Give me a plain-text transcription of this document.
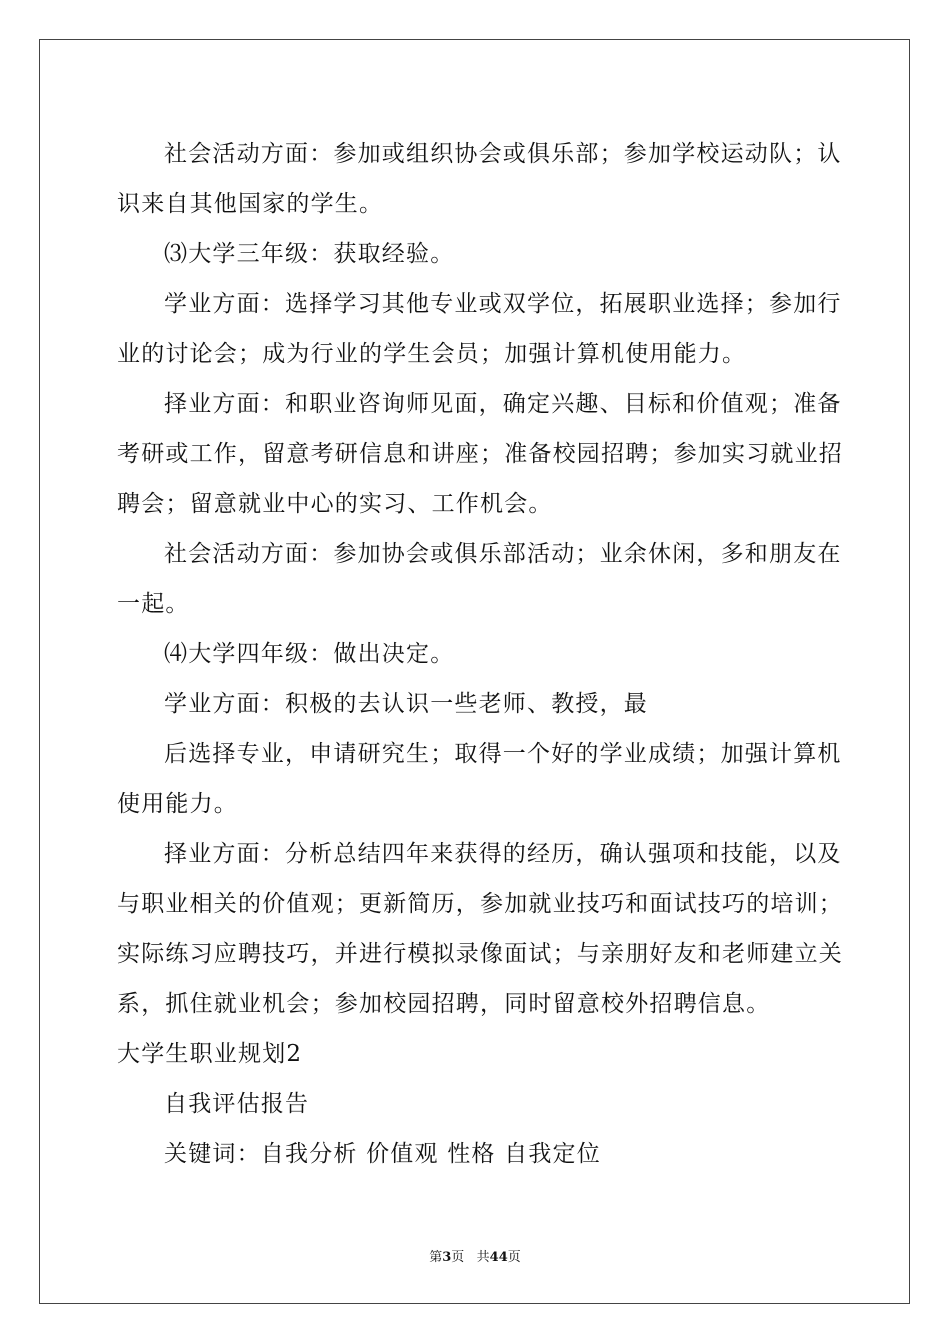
社会活动方面：参加或组织协会或俱乐部；参加学校运动队；认

识来自其他国家的学生。

⑶大学三年级：获取经验。

学业方面：选择学习其他专业或双学位，拓展职业选择；参加行

业的讨论会；成为行业的学生会员；加强计算机使用能力。

择业方面：和职业咨询师见面，确定兴趣、目标和价值观；准备

考研或工作，留意考研信息和讲座；准备校园招聘；参加实习就业招

聘会；留意就业中心的实习、工作机会。

社会活动方面：参加协会或俱乐部活动；业余休闲，多和朋友在

一起。

⑷大学四年级：做出决定。

学业方面：积极的去认识一些老师、教授，最

后选择专业，申请研究生；取得一个好的学业成绩；加强计算机

使用能力。

择业方面：分析总结四年来获得的经历，确认强项和技能，以及

与职业相关的价值观；更新简历，参加就业技巧和面试技巧的培训；

实际练习应聘技巧，并进行模拟录像面试；与亲朋好友和老师建立关

系，抓住就业机会；参加校园招聘，同时留意校外招聘信息。

大学生职业规划2

自我评估报告

关键词：自我分析 价值观 性格 自我定位

第3页   共44页
